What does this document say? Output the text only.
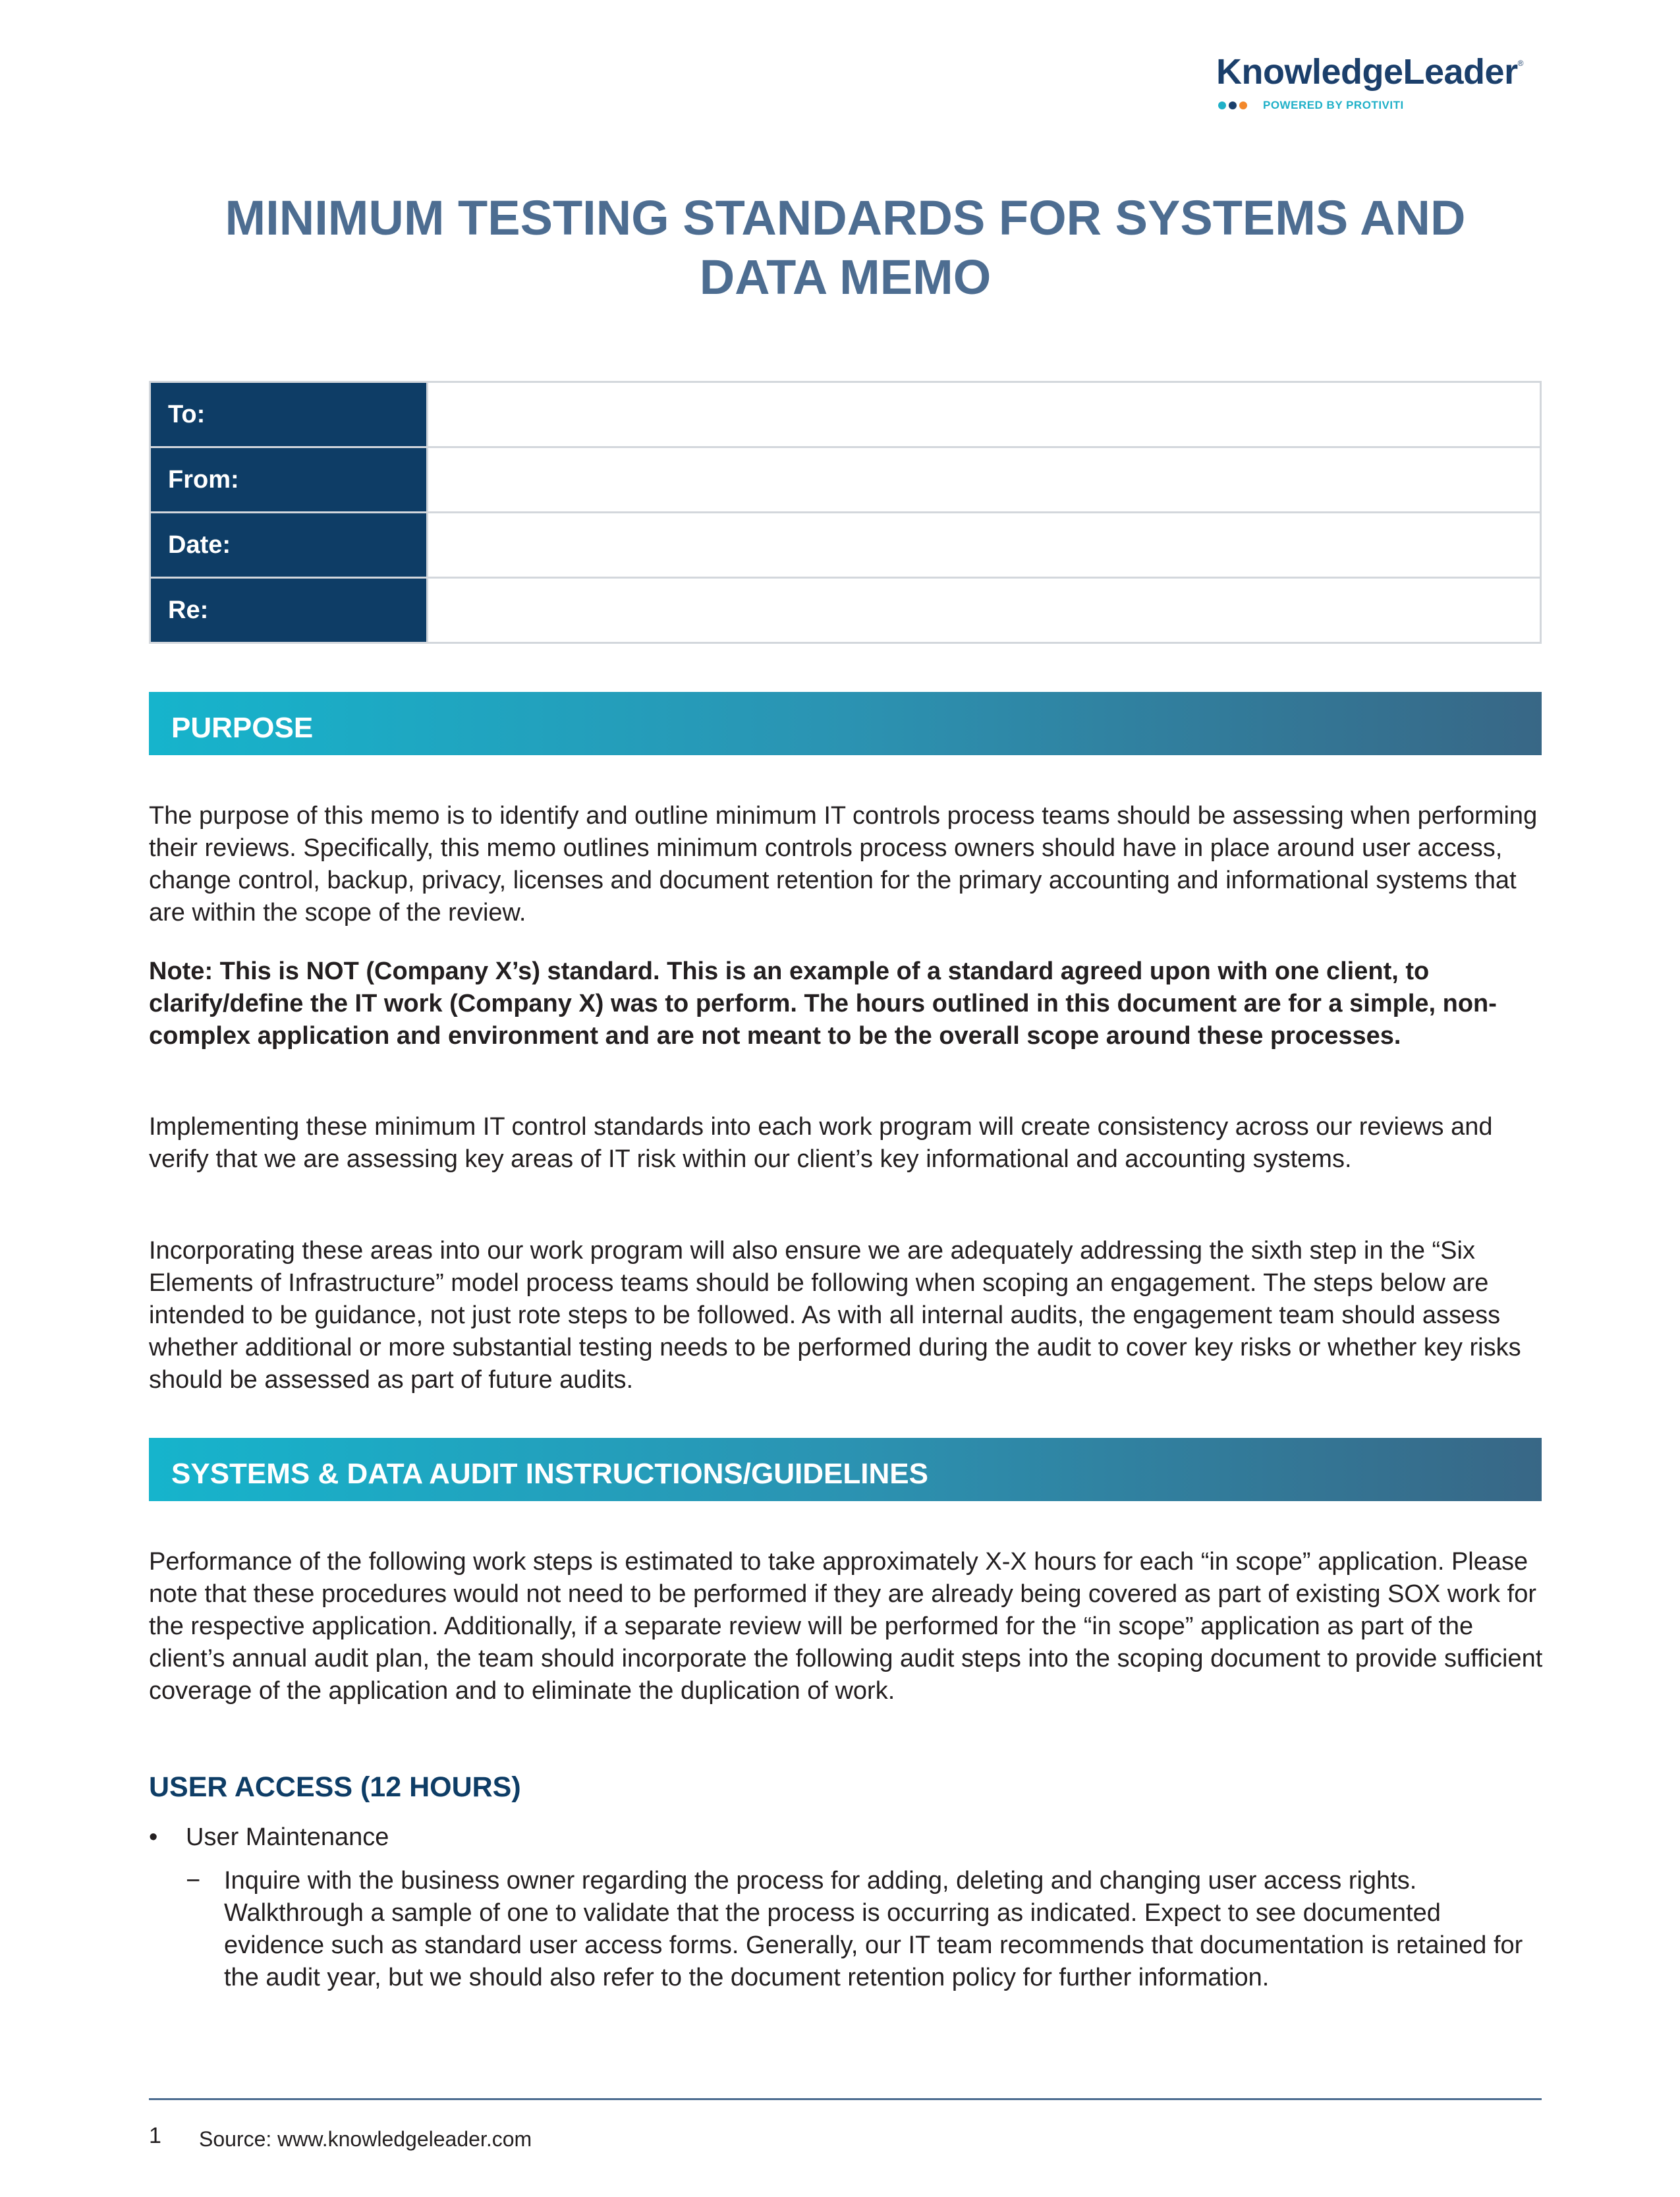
KnowledgeLeader®
POWERED BY PROTIVITI
MINIMUM TESTING STANDARDS FOR SYSTEMS AND
DATA MEMO
To:	
From:	
Date:	
Re:	
PURPOSE

The purpose of this memo is to identify and outline minimum IT controls process teams should be assessing when performing their reviews. Specifically, this memo outlines minimum controls process owners should have in place around user access, change control, backup, privacy, licenses and document retention for the primary accounting and informational systems that are within the scope of the review.

Note: This is NOT (Company X’s) standard. This is an example of a standard agreed upon with one client, to clarify/define the IT work (Company X) was to perform. The hours outlined in this document are for a simple, non-complex application and environment and are not meant to be the overall scope around these processes.

Implementing these minimum IT control standards into each work program will create consistency across our reviews and verify that we are assessing key areas of IT risk within our client’s key informational and accounting systems.

Incorporating these areas into our work program will also ensure we are adequately addressing the sixth step in the “Six Elements of Infrastructure” model process teams should be following when scoping an engagement. The steps below are intended to be guidance, not just rote steps to be followed. As with all internal audits, the engagement team should assess whether additional or more substantial testing needs to be performed during the audit to cover key risks or whether key risks should be assessed as part of future audits.

SYSTEMS & DATA AUDIT INSTRUCTIONS/GUIDELINES

Performance of the following work steps is estimated to take approximately X-X hours for each “in scope” application. Please note that these procedures would not need to be performed if they are already being covered as part of existing SOX work for the respective application. Additionally, if a separate review will be performed for the “in scope” application as part of the client’s annual audit plan, the team should incorporate the following audit steps into the scoping document to provide sufficient coverage of the application and to eliminate the duplication of work.

USER ACCESS (12 HOURS)
• User Maintenance
− Inquire with the business owner regarding the process for adding, deleting and changing user access rights. Walkthrough a sample of one to validate that the process is occurring as indicated. Expect to see documented evidence such as standard user access forms. Generally, our IT team recommends that documentation is retained for the audit year, but we should also refer to the document retention policy for further information.
1 Source: www.knowledgeleader.com
